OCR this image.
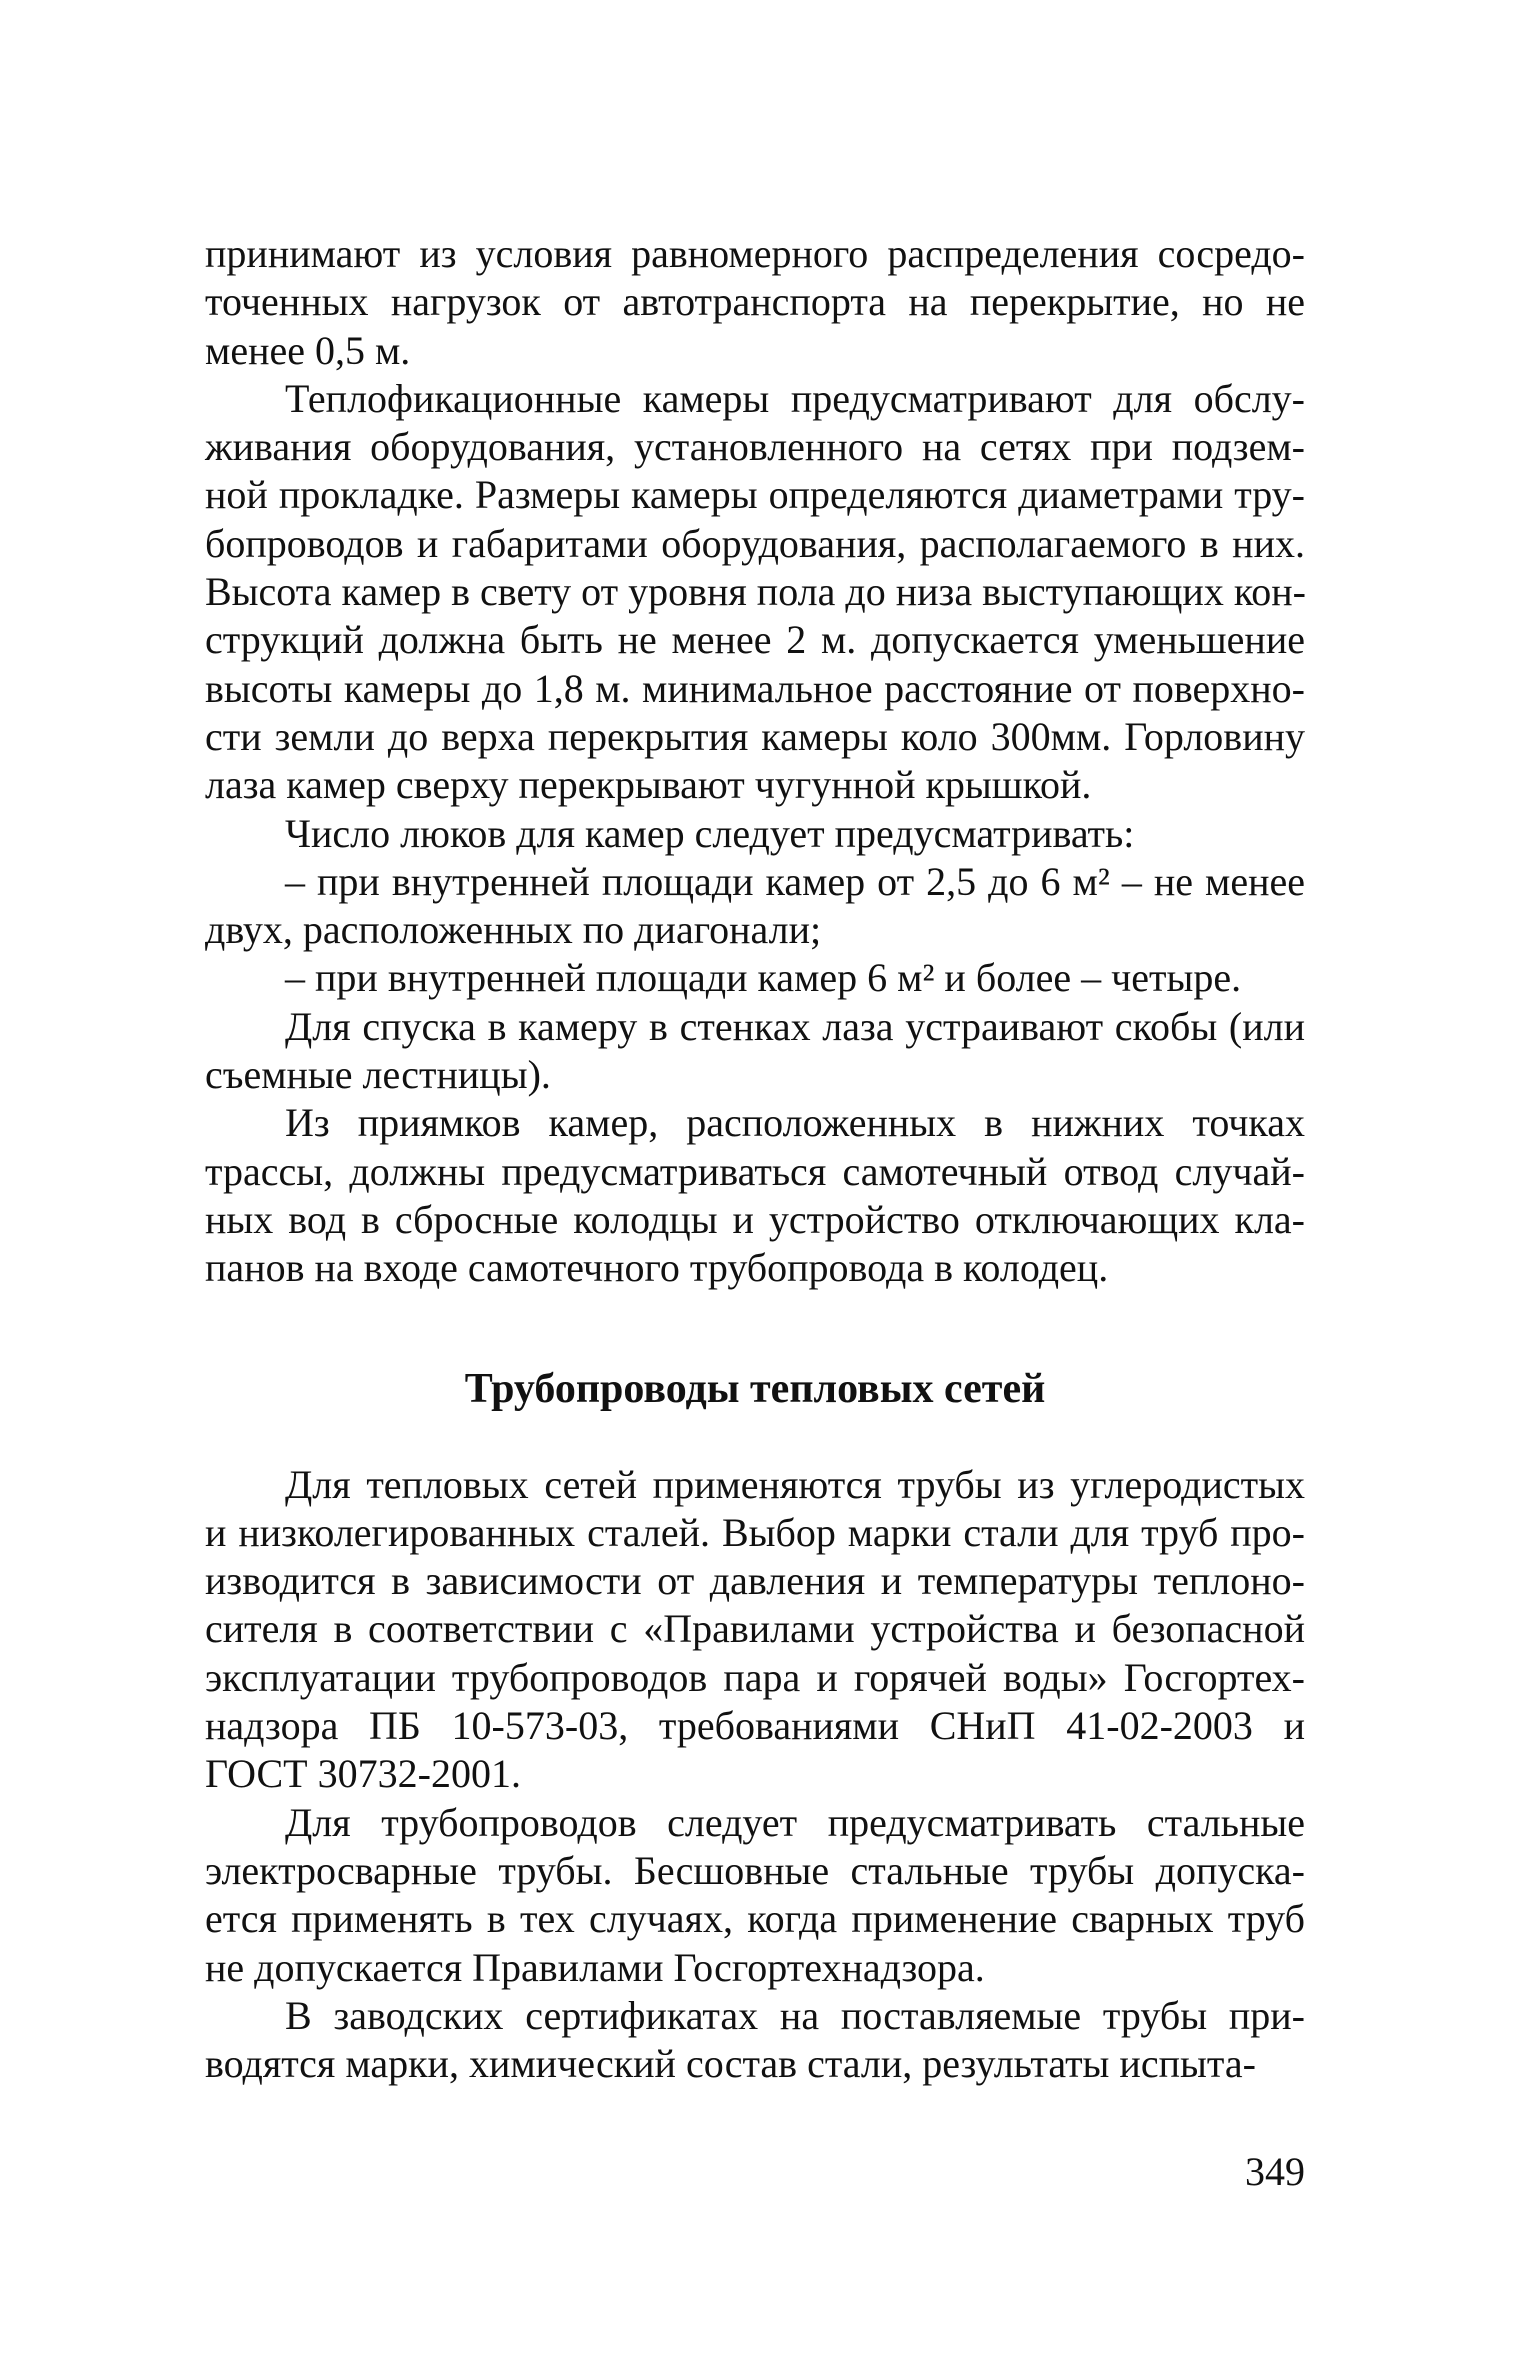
принимают из условия равномерного распределения сосредо-
точенных нагрузок от автотранспорта на перекрытие, но не
менее 0,5 м.
Теплофикационные камеры предусматривают для обслу-
живания оборудования, установленного на сетях при подзем-
ной прокладке. Размеры камеры определяются диаметрами тру-
бопроводов и габаритами оборудования, располагаемого в них.
Высота камер в свету от уровня пола до низа выступающих кон-
струкций должна быть не менее 2 м. допускается уменьшение
высоты камеры до 1,8 м. минимальное расстояние от поверхно-
сти земли до верха перекрытия камеры коло 300мм. Горловину
лаза камер сверху перекрывают чугунной крышкой.
Число люков для камер следует предусматривать:
– при внутренней площади камер от 2,5 до 6 м² – не менее
двух, расположенных по диагонали;
– при внутренней площади камер 6 м² и более – четыре.
Для спуска в камеру в стенках лаза устраивают скобы (или
съемные лестницы).
Из приямков камер, расположенных в нижних точках
трассы, должны предусматриваться самотечный отвод случай-
ных вод в сбросные колодцы и устройство отключающих кла-
панов на входе самотечного трубопровода в колодец.
Трубопроводы тепловых сетей
Для тепловых сетей применяются трубы из углеродистых
и низколегированных сталей. Выбор марки стали для труб про-
изводится в зависимости от давления и температуры теплоно-
сителя в соответствии с «Правилами устройства и безопасной
эксплуатации трубопроводов пара и горячей воды» Госгортех-
надзора ПБ 10-573-03, требованиями СНиП 41-02-2003 и
ГОСТ 30732-2001.
Для трубопроводов следует предусматривать стальные
электросварные трубы. Бесшовные стальные трубы допуска-
ется применять в тех случаях, когда применение сварных труб
не допускается Правилами Госгортехнадзора.
В заводских сертификатах на поставляемые трубы при-
водятся марки, химический состав стали, результаты испыта-
349
